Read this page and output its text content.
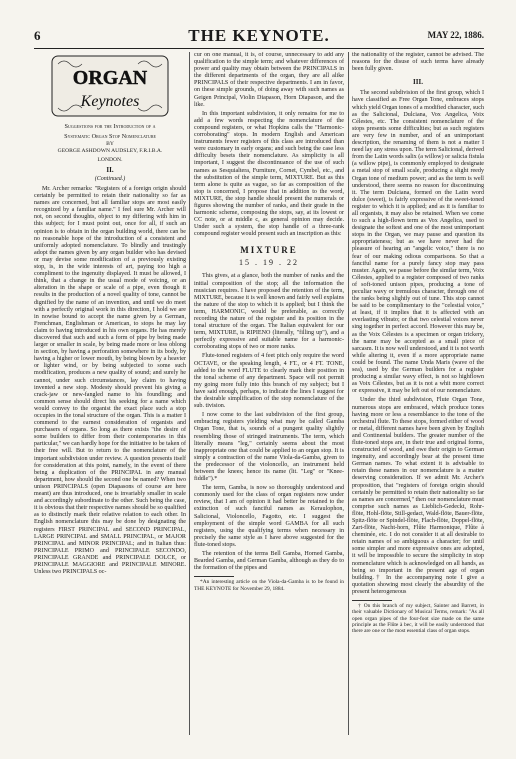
6	THE KEYNOTE.	MAY 22, 1886.
ORGAN
Keynotes

Suggestions for the Introduction of a

Systematic Organ Stop Nomenclature

BY

GEORGE ASHDOWN AUDSLEY, F.R.I.B.A.

LONDON.

II.

(Continued.)

Mr. Archer remarks: "Registers of a foreign origin should certainly be permitted to retain their nationality so far as names are concerned, but all familiar stops are most easily recognized by a familiar name." I feel sure Mr. Archer will not, on second thoughts, object to my differing with him in this subject; for I must point out, once for all, if such an opinion is to obtain in the organ building world, there can be no reasonable hope of the introduction of a consistent and uniformly adopted nomenclature. To blindly and trustingly adopt the names given by any organ builder who has devised or may devise some modification of a previously existing stop, is, in the wide interests of art, paying too high a compliment to the ingenuity displayed. It must be allowed, I think, that a change in the usual mode of voicing, or an alteration in the shape or scale of a pipe, even though it results in the production of a novel quality of tone, cannot be dignified by the name of an invention, and until we do meet with a perfectly original work in this direction, I hold we are in nowise bound to accept the name given by a German, Frenchman, Englishman or American, to stops he may lay claim to having introduced in his own organs. He has merely discovered that such and such a form of pipe by being made larger or smaller in scale, by being made more or less oblong in section, by having a perforation somewhere in its body, by having a higher or lower mouth, by being blown by a heavier or lighter wind, or by being subjected to some such modification, produces a new quality of sound; and surely he cannot, under such circumstances, lay claim to having invented a new stop. Modesty should prevent his giving a crack-jaw or new-fangled name to his foundling; and common sense should direct his seeking for a name which would convey to the organist the exact place such a stop occupies in the tonal structure of the organ. This is a matter I commend to the earnest consideration of organists and purchasers of organs. So long as there exists "the desire of some builders to differ from their contemporaries in this particular," we can hardly hope for the initiative to be taken of their free will. But to return to the nomenclature of the important subdivision under review. A question presents itself for consideration at this point, namely, in the event of there being a duplication of the PRINCIPAL in any manual department, how should the second one be named? When two unison PRINCIPALS (open Diapasons of course are here meant) are thus introduced, one is invariably smaller in scale and accordingly subordinate to the other. Such being the case, it is obvious that their respective names should be so qualified as to distinctly mark their relative relation to each other. In English nomenclature this may be done by designating the registers FIRST PRINCIPAL and SECOND PRINCIPAL, LARGE PRINCIPAL and SMALL PRINCIPAL, or MAJOR PRINCIPAL and MINOR PRINCIPAL; and in Italian thus: PRINCIPALE PRIMO and PRINCIPALE SECONDO, PRINCIPALE GRANDE and PRINCIPALE DOLCE, or PRINCIPALE MAGGIORE and PRINCIPALE MINORE. Unless two PRINCIPALS oc-

cur on one manual, it is, of course, unnecessary to add any qualification to the simple term; and whatever differences of power and quality may obtain between the PRINCIPALS in the different departments of the organ, they are all alike PRINCIPALS of their respective departments. I am in favor, on these simple grounds, of doing away with such names as Geigen Principal, Violin Diapason, Horn Diapason, and the like.

In this important subdivision, it only remains for me to add a few words respecting the nomenclature of the compound registers, or what Hopkins calls the "Harmonic-corroborating" stops. In modern English and American instruments fewer registers of this class are introduced than were customary in early organs; and such being the case less difficulty besets their nomenclature. As simplicity is all important, I suggest the discontinuance of the use of such names as Sesquialtera, Furniture, Cornet, Cymbel, etc., and the substitution of the simple term, MIXTURE. But as this term alone is quite as vague, so far as composition of the stop is concerned, I propose that in addition to the word, MIXTURE, the stop handle should present the numerals or figures showing the number of ranks, and their grade in the harmonic scheme, composing the stops, say, at its lowest or CC note, or at middle c, as general opinion may decide. Under such a system, the stop handle of a three-rank compound register would present such an inscription as this:

MIXTURE
15 . 19 . 22

This gives, at a glance, both the number of ranks and the initial composition of the stop; all the information the musician requires. I have proposed the retention of the term, MIXTURE, because it is well known and fairly well explains the nature of the stop to which it is applied; but I think the term, HARMONIC, would be preferable, as correctly recording the nature of the register and its position in the tonal structure of the organ. The Italian equivalent for our term, MIXTURE, is RIPIENO (literally, "filling up"), and a perfectly expressive and suitable name for a harmonic-corroborating stops of two or more ranks.

Flute-toned registers of 4 feet pitch only require the word OCTAVE, or the speaking length, 4 FT., or 4 FT. TONE, added to the word FLUTE to clearly mark their position in the tonal scheme of any department. Space will not permit my going more fully into this branch of my subject; but I have said enough, perhaps, to indicate the lines I suggest for the desirable simplification of the stop nomenclature of the sub. tivision.

I now come to the last subdivision of the first group, embracing registers yielding what may be called Gamba Organ Tone, that is, sounds of a pungent quality slightly resembling those of stringed instruments. The term, which literally means "leg," certainly seems about the most inappropriate one that could be applied to an organ stop. It is simply a contraction of the name Viola-da-Gamba, given to the predecessor of the violoncello, an instrument held between the knees; hence its name (lit. "Leg" or "Knee-fiddle").*

The term, Gamba, is now so thoroughly understood and commonly used for the class of organ registers now under review, that I am of opinion it had better be retained to the extinction of such fanciful names as Keraulophon, Salicional, Violoncello, Fagotto, etc. I suggest the employment of the simple word GAMBA for all such registers, using the qualifying terms when necessary in precisely the same style as I have above suggested for the flute-toned stops.

The retention of the terms Bell Gamba, Horned Gamba, Bearded Gamba, and German Gamba, although as they do to the formation of the pipes and

*An interesting article on the Viola-da-Gamba is to be found in THE KEYNOTE for November 29, 1884.

the nationality of the register, cannot be advised. The reasons for the disuse of such terms have already been fully given.

III.

The second subdivision of the first group, which I have classified as Free Organ Tone, embraces stops which yield Organ tones of a modified character, such as the Salicional, Dulciana, Vox Angelica, Voix Célestes, etc. The consistent nomenclature of the stops presents some difficulties; but as such registers are very few in number, and of an unimportant description, the renaming of them is not a matter I need lay any stress upon. The term Salicional, derived from the Latin words salix (a willow) or salicia fistula (a willow pipe), is commonly employed to designate a metal stop of small scale, producing a slight reedy Organ tone of medium power; and as the term is well understood, there seems no reason for discontinuing it. The term Dulciana, formed on the Latin word dulce (sweet), is fairly expressive of the sweet-toned register to which it is applied; and as it is familiar to all organists, it may also be retained. When we come to such a high-flown term as Vox Angelica, used to designate the softest and one of the most unimportant stops in the Organ, we may pause and question its appropriateness; but as we have never had the pleasure of hearing an "angelic voice," there is no fear of our making odious comparisons. So that a fanciful name for a purely fancy stop may pass muster. Again, we pause before the similar term, Voix Célestes, applied to a register composed of two ranks of soft-toned unison pipes, producing a tone of peculiar wavy or tremulous character, through one of the ranks being slightly out of tune. This stop cannot be said to be complimentary to the "celestial voice," at least, if it implies that it is affected with an everlasting vibrato; or that two celestial voices never sing together in perfect accord. However this may be, as the Voix Célestes is a specimen or organ trickery, the name may be accepted as a small piece of sarcasm. It is now well understood, and it is not worth while altering it, even if a more appropriate name could be found. The name Unda Maris (wave of the sea), used by the German builders for a register producing a similar wavy effect, is not so highflown as Voix Célestes, but as it is not a whit more correct or expressive, it may be left out of our nomenclature.

Under the third subdivision, Flute Organ Tone, numerous stops are embraced, which produce tones having more or less a resemblance to the tone of the orchestral flute. To these stops, formed either of wood or metal, different names have been given by English and Continental builders. The greater number of the flute-toned stops are, in their true and original forms, constructed of wood, and owe their origin to German ingenuity, and accordingly bear at the present time German names. To what extent it is advisable to retain these names in our nomenclature is a matter deserving consideration. If we admit Mr. Archer's proposition, that "registers of foreign origin should certainly be permitted to retain their nationality so far as names are concerned," then our nomenclature must comprise such names as Lieblich-Gedeckt, Rohr-flöte, Hohl-flöte, Still-gedact, Wald-flöte, Bauer-flöte, Spitz-flöte or Spindel-flöte, Flach-flöte, Doppel-flöte, Zart-flöte, Nacht-horn, Flûte Harmonique, Flûte à cheminée, etc. I do not consider it at all desirable to retain names of so ambiguous a character; for until some simpler and more expressive ones are adopted, it will be impossible to secure the simplicity in stop nomenclature which is acknowledged on all hands, as being so important in the present age of organ building.† In the accompanying note I give a quotation showing most clearly the absurdity of the present heterogeneous

† On this branch of my subject, Sainter and Barrett, in their valuable Dictionary of Musical Terms, remark: "As all open organ pipes of the four-foot size made on the same principle as the Flûte à bec, it will be easily understood that there are one or the most essential class of organ stops.
